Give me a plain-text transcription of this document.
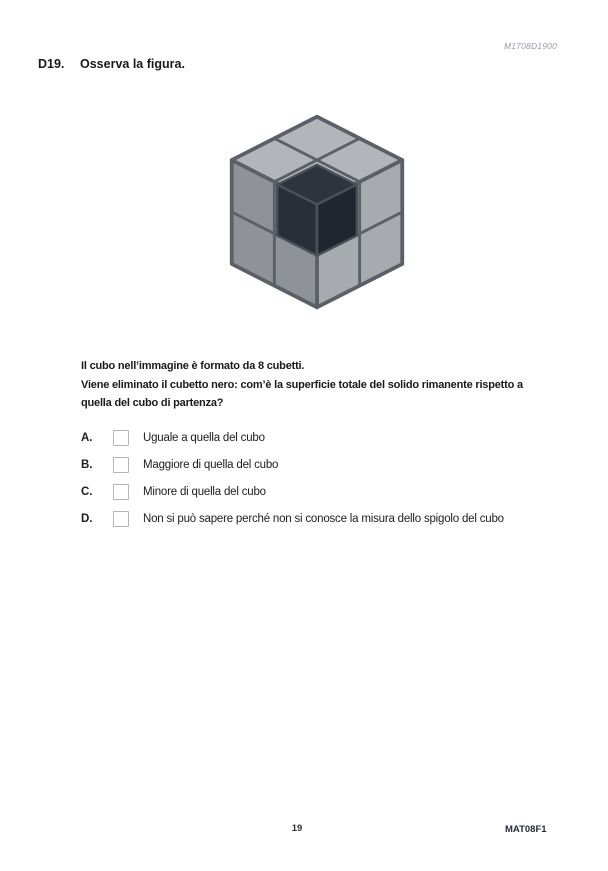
M1708D1900
D19. Osserva la figura.
Il cubo nell’immagine è formato da 8 cubetti.
Viene eliminato il cubetto nero: com’è la superficie totale del solido rimanente rispetto a
quella del cubo di partenza?
A.	Uguale a quella del cubo
B.	Maggiore di quella del cubo
C.	Minore di quella del cubo
D.	Non si può sapere perché non si conosce la misura dello spigolo del cubo
19	MAT08F1
